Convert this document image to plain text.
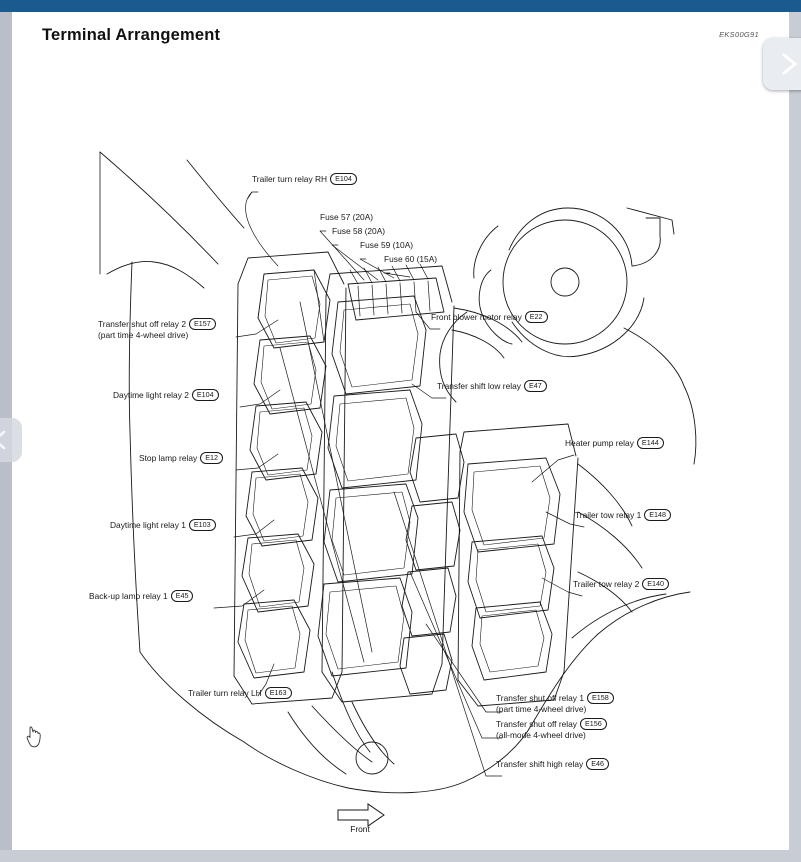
Terminal Arrangement	EKS00G91
Trailer turn relay RH E104
Fuse 57 (20A)
Fuse 58 (20A)
Fuse 59 (10A)
Fuse 60 (15A)
Front blower motor relay E22
Transfer shut off relay 2 E157
(part time 4-wheel drive)
Transfer shift low relay E47
Daytime light relay 2 E104
Heater pump relay E144
Stop lamp relay E12
Trailer tow relay 1 E148
Daytime light relay 1 E103
Trailer tow relay 2 E140
Back-up lamp relay 1 E45
Trailer turn relay LH E163
Transfer shut off relay 1 E158
(part time 4-wheel drive)
Transfer shut off relay E156
(all-mode 4-wheel drive)
Transfer shift high relay E46
Front
